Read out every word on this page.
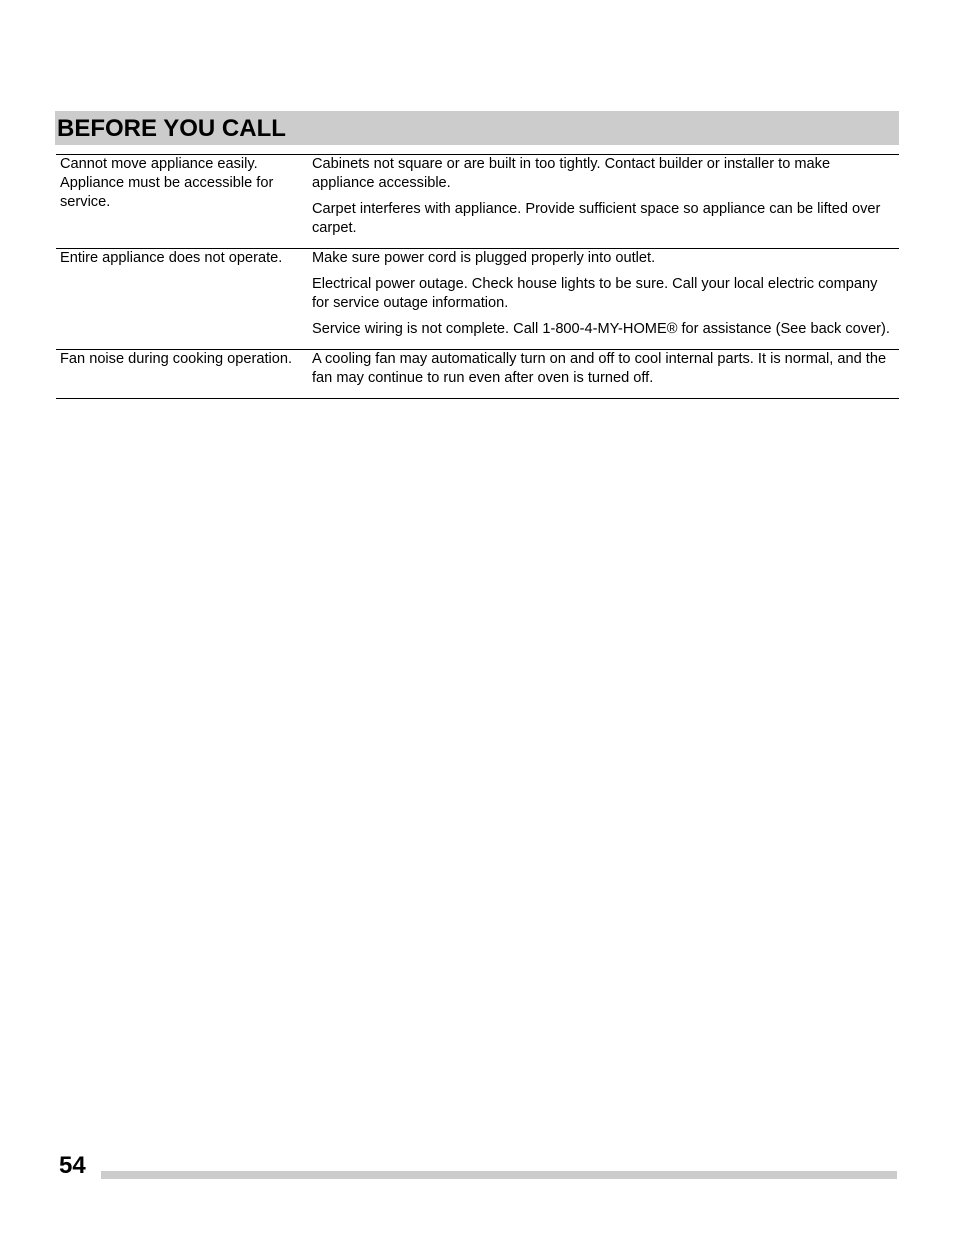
BEFORE YOU CALL
Cannot move appliance easily. Appliance must be accessible for service.	Cabinets not square or are built in too tightly. Contact builder or installer to make appliance accessible.

Carpet interferes with appliance. Provide sufficient space so appliance can be lifted over carpet.

Entire appliance does not operate.	Make sure power cord is plugged properly into outlet.

Electrical power outage. Check house lights to be sure. Call your local electric company for service outage information.

Service wiring is not complete. Call 1-800-4-MY-HOME® for assistance (See back cover).

Fan noise during cooking operation.	A cooling fan may automatically turn on and off to cool internal parts. It is normal, and the fan may continue to run even after oven is turned off.

54
